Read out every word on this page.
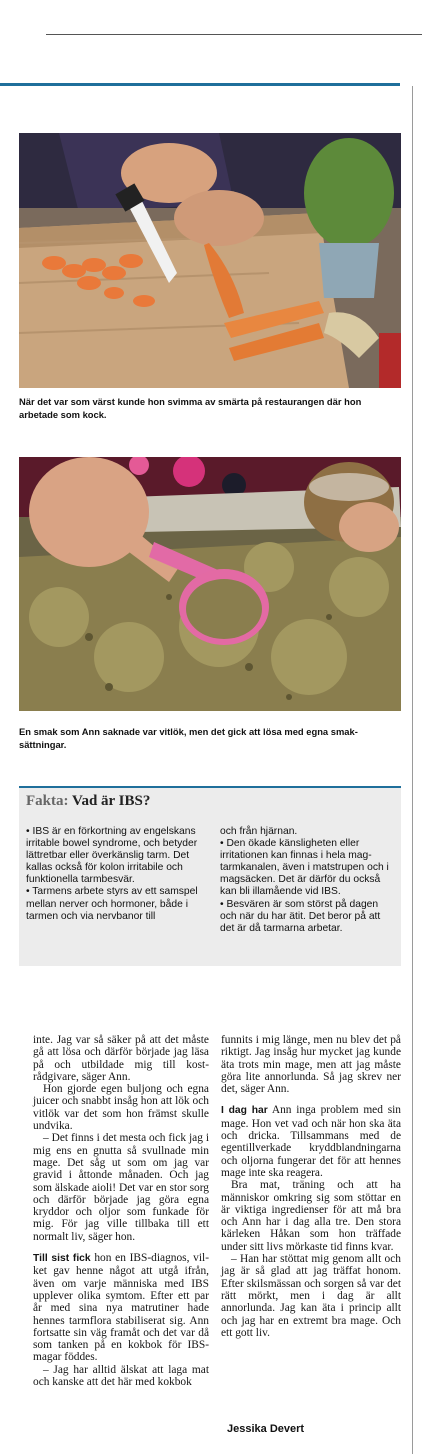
När det var som värst kunde hon svimma av smärta på restaurangen där hon arbetade som kock.
En smak som Ann saknade var vitlök, men det gick att lösa med egna smaksättningar.
Fakta: Vad är IBS?

• IBS är en förkortning av engelskans irritable bowel syndrome, och betyder lättretbar eller överkänslig tarm. Det kallas också för kolon irritabile och funktionella tarmbesvär.

• Tarmens arbete styrs av ett samspel mellan nerver och hormoner, både i tarmen och via nervbanor till

och från hjärnan.

• Den ökade känsligheten eller irritationen kan finnas i hela mag-tarmkanalen, även i matstrupen och i magsäcken. Det är därför du också kan bli illamående vid IBS.

• Besvären är som störst på dagen och när du har ätit. Det beror på att det är då tarmarna arbetar.

inte. Jag var så säker på att det måste gå att lösa och därför började jag läsa på och utbildade mig till kostrådgivare, säger Ann.

Hon gjorde egen buljong och egna juicer och snabbt insåg hon att lök och vitlök var det som hon främst skulle undvika.

– Det finns i det mesta och fick jag i mig ens en gnutta så svullnade min mage. Det såg ut som om jag var gravid i åttonde månaden. Och jag som älskade aioli! Det var en stor sorg och därför började jag göra egna kryddor och oljor som funkade för mig. För jag ville tillbaka till ett normalt liv, säger hon.

Till sist fick hon en IBS-diagnos, vilket gav henne något att utgå ifrån, även om varje människa med IBS upplever olika symtom. Efter ett par år med sina nya matrutiner hade hennes tarmflora stabiliserat sig. Ann fortsatte sin väg framåt och det var då som tanken på en kokbok för IBS-magar föddes.

– Jag har alltid älskat att laga mat och kanske att det här med kokbok

funnits i mig länge, men nu blev det på riktigt. Jag insåg hur mycket jag kunde äta trots min mage, men att jag måste göra lite annorlunda. Så jag skrev ner det, säger Ann.

I dag har Ann inga problem med sin mage. Hon vet vad och när hon ska äta och dricka. Tillsammans med de egentillverkade kryddblandningarna och oljorna fungerar det för att hennes mage inte ska reagera.

Bra mat, träning och att ha människor omkring sig som stöttar en är viktiga ingredienser för att må bra och Ann har i dag alla tre. Den stora kärleken Håkan som hon träffade under sitt livs mörkaste tid finns kvar.

– Han har stöttat mig genom allt och jag är så glad att jag träffat honom. Efter skilsmässan och sorgen så var det rätt mörkt, men i dag är allt annorlunda. Jag kan äta i princip allt och jag har en extremt bra mage. Och ett gott liv.

Jessika Devert
